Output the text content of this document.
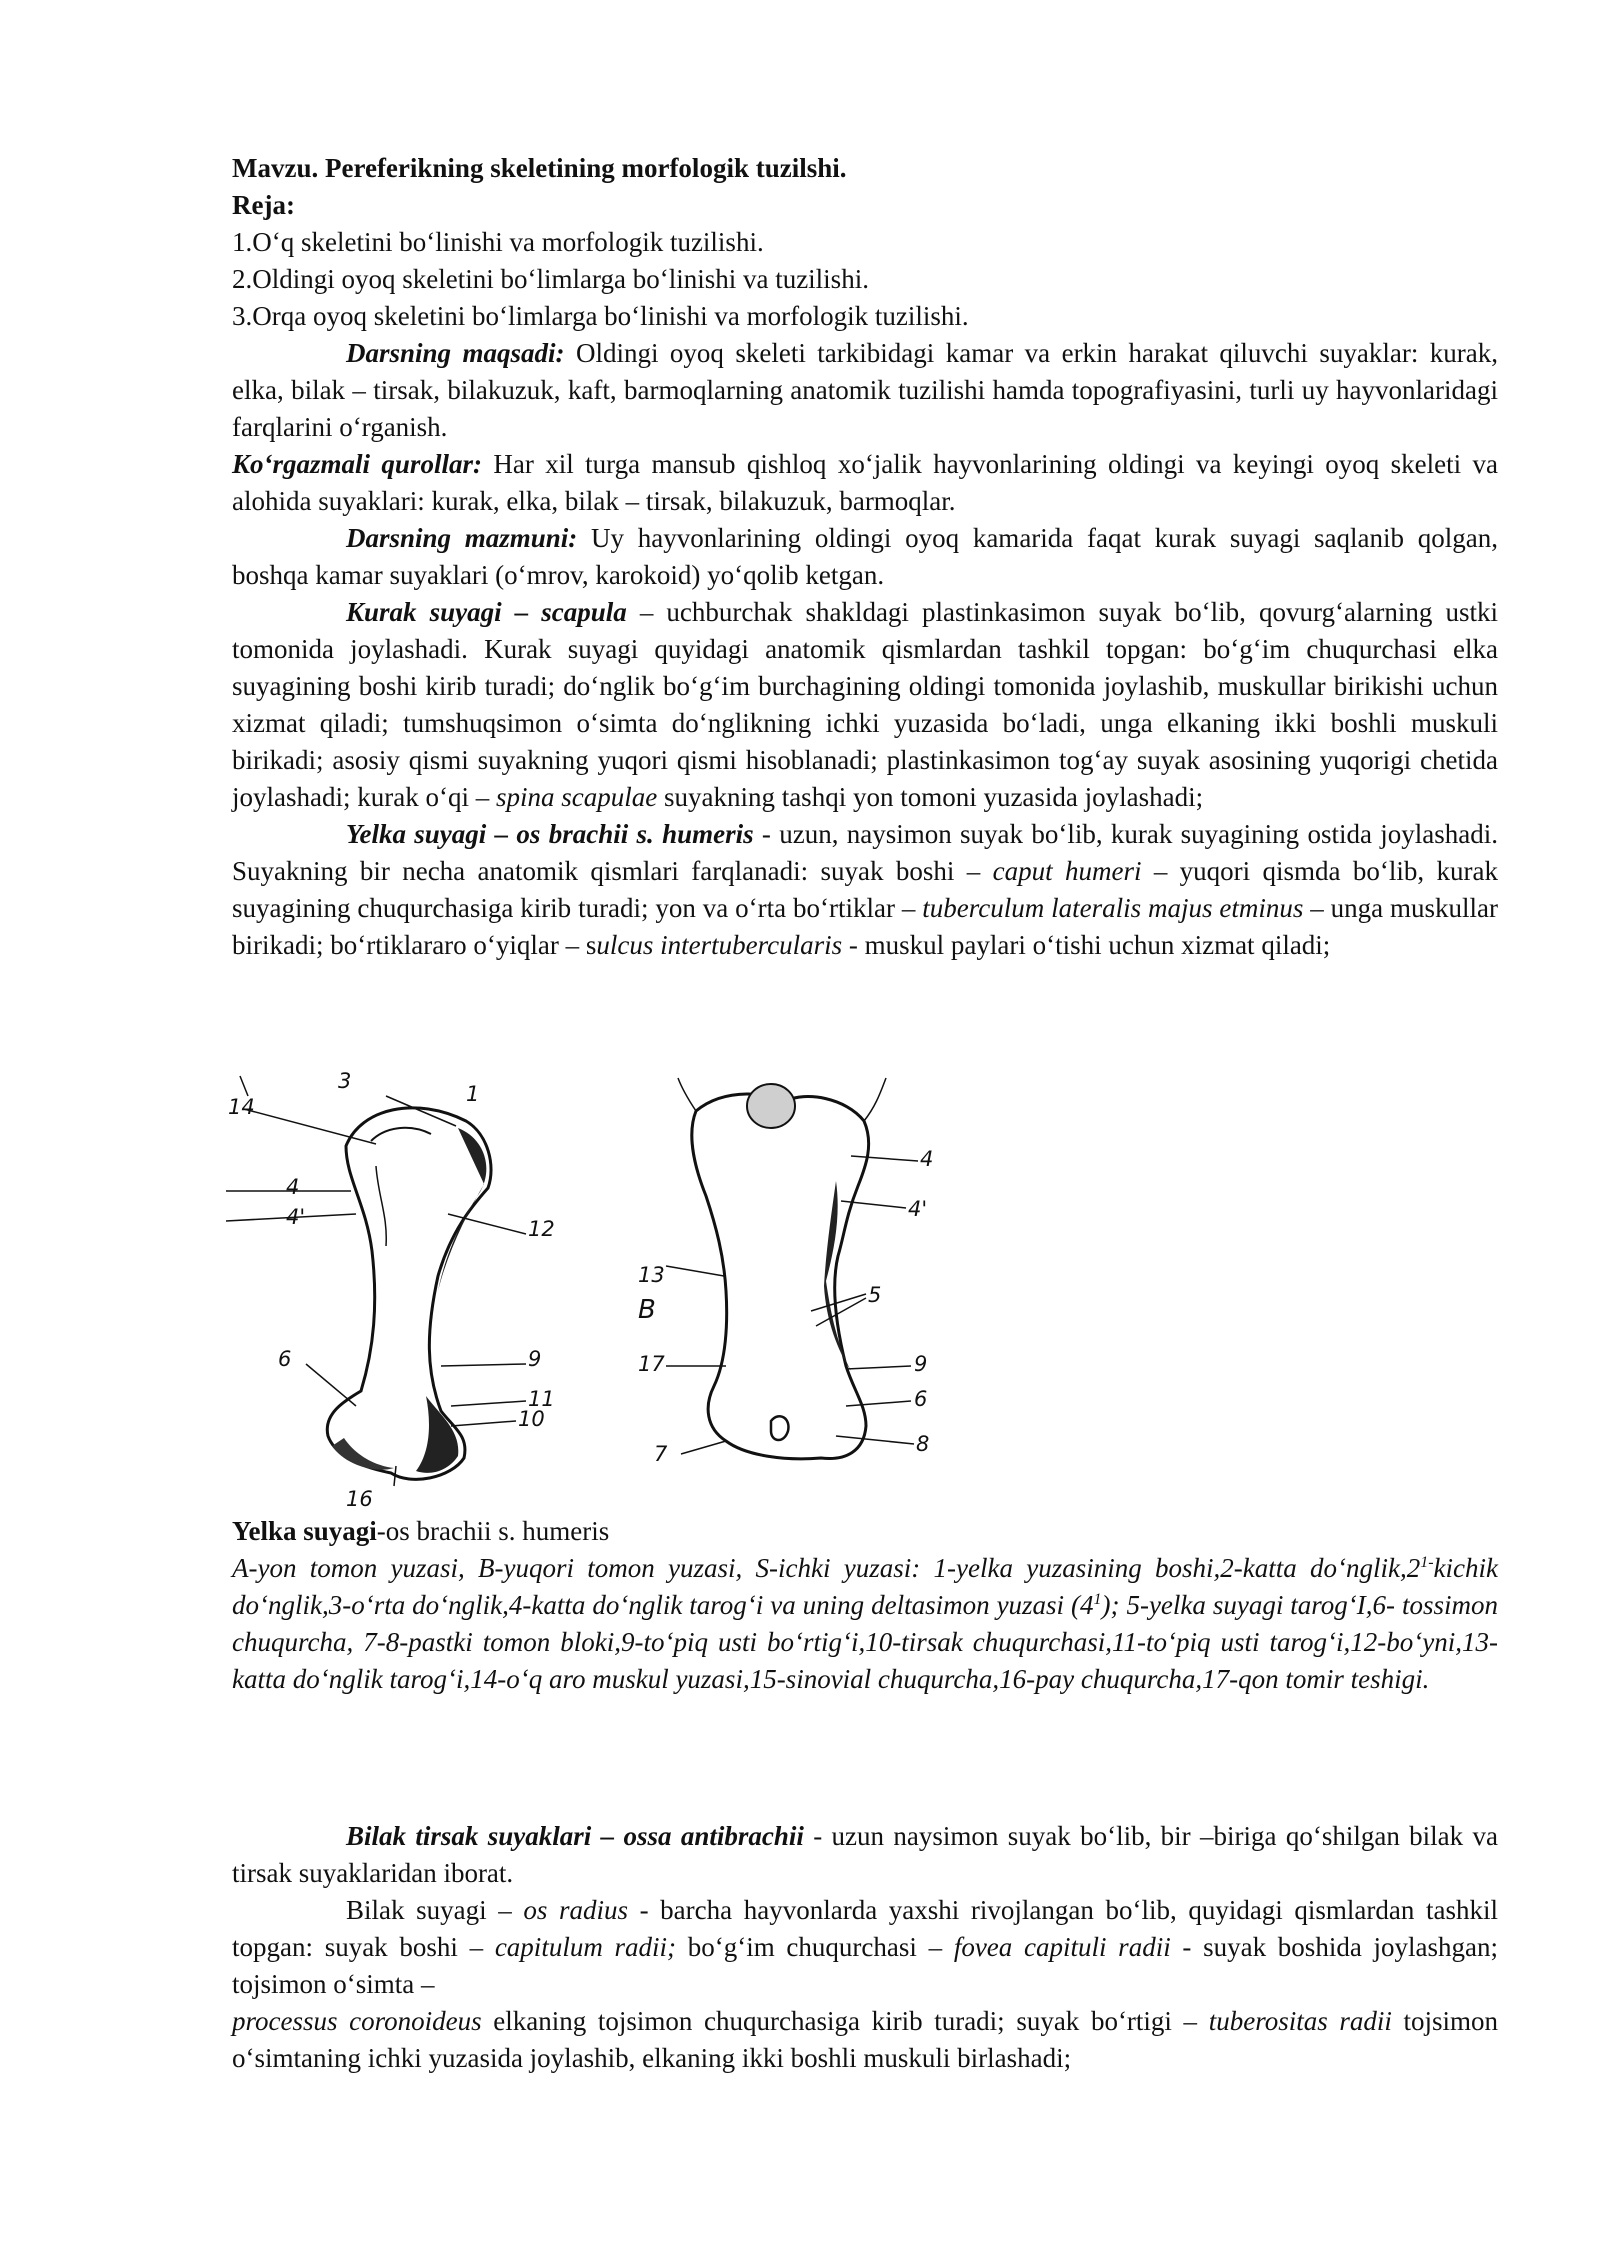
Mavzu. Pereferikning skeletining morfologik tuzilshi.

Reja:

1.O‘q skeletini bo‘linishi va morfologik tuzilishi.

2.Oldingi oyoq skeletini bo‘limlarga bo‘linishi va tuzilishi.

3.Orqa oyoq skeletini bo‘limlarga bo‘linishi va morfologik tuzilishi.

Darsning maqsadi: Oldingi oyoq skeleti tarkibidagi kamar va erkin harakat qiluvchi suyaklar: kurak, elka, bilak – tirsak, bilakuzuk, kaft, barmoqlarning anatomik tuzilishi hamda topografiyasini, turli uy hayvonlaridagi farqlarini o‘rganish.

Ko‘rgazmali qurollar: Har xil turga mansub qishloq xo‘jalik hayvonlarining oldingi va keyingi oyoq skeleti va alohida suyaklari: kurak, elka, bilak – tirsak, bilakuzuk, barmoqlar.

Darsning mazmuni: Uy hayvonlarining oldingi oyoq kamarida faqat kurak suyagi saqlanib qolgan, boshqa kamar suyaklari (o‘mrov, karokoid) yo‘qolib ketgan.

Kurak suyagi – scapula – uchburchak shakldagi plastinkasimon suyak bo‘lib, qovurg‘alarning ustki tomonida joylashadi. Kurak suyagi quyidagi anatomik qismlardan tashkil topgan: bo‘g‘im chuqurchasi elka suyagining boshi kirib turadi; do‘nglik bo‘g‘im burchagining oldingi tomonida joylashib, muskullar birikishi uchun xizmat qiladi; tumshuqsimon o‘simta do‘nglikning ichki yuzasida bo‘ladi, unga elkaning ikki boshli muskuli birikadi; asosiy qismi suyakning yuqori qismi hisoblanadi; plastinkasimon tog‘ay suyak asosining yuqorigi chetida joylashadi; kurak o‘qi – spina scapulae suyakning tashqi yon tomoni yuzasida joylashadi;

Yelka suyagi – os brachii s. humeris - uzun, naysimon suyak bo‘lib, kurak suyagining ostida joylashadi. Suyakning bir necha anatomik qismlari farqlanadi: suyak boshi – caput humeri – yuqori qismda bo‘lib, kurak suyagining chuqurchasiga kirib turadi; yon va o‘rta bo‘rtiklar – tuberculum lateralis majus etminus – unga muskullar birikadi; bo‘rtiklararo o‘yiqlar – sulcus intertubercularis - muskul paylari o‘tishi uchun xizmat qiladi;

3
14
1
4
4'	12
6	9
11
10
16
4
4'
13
B	5
17	9
6
7	8

Yelka suyagi-os brachii s. humeris

A-yon tomon yuzasi, B-yuqori tomon yuzasi, S-ichki yuzasi: 1-yelka yuzasining boshi,2-katta $do‘nglik,2^{1-}kichik$ do‘nglik,3-o‘rta do‘nglik,4-katta do‘nglik tarog‘i va uning deltasimon yuzasi $(4^1)$; 5-yelka suyagi tarog‘I,6- tossimon chuqurcha, 7-8-pastki tomon bloki,9-to‘piq usti bo‘rtig‘i,10-tirsak chuqurchasi,11-to‘piq usti tarog‘i,12-bo‘yni,13- katta do‘nglik tarog‘i,14-o‘q aro muskul yuzasi,15-sinovial chuqurcha,16-pay chuqurcha,17-qon tomir teshigi.

Bilak tirsak suyaklari – ossa antibrachii - uzun naysimon suyak bo‘lib, bir –biriga qo‘shilgan bilak va tirsak suyaklaridan iborat.

Bilak suyagi – os radius - barcha hayvonlarda yaxshi rivojlangan bo‘lib, quyidagi qismlardan tashkil topgan: suyak boshi – capitulum radii; bo‘g‘im chuqurchasi – fovea capituli radii - suyak boshida joylashgan; tojsimon o‘simta –

processus coronoideus elkaning tojsimon chuqurchasiga kirib turadi; suyak bo‘rtigi – tuberositas radii tojsimon o‘simtaning ichki yuzasida joylashib, elkaning ikki boshli muskuli birlashadi;
